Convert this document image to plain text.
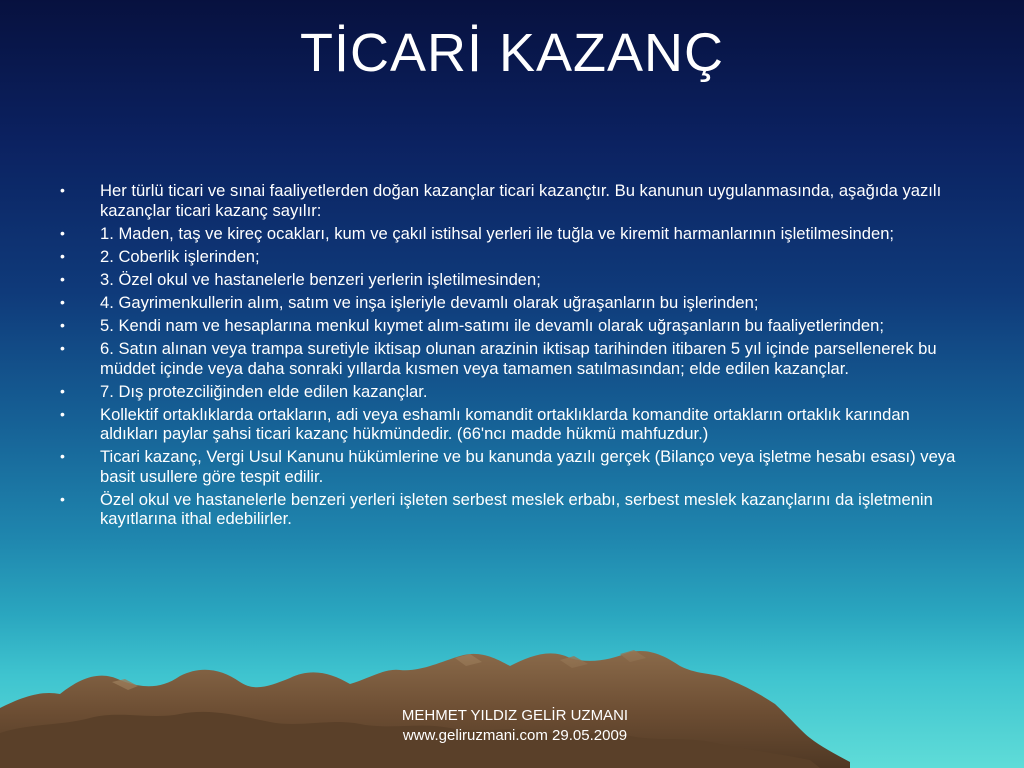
TİCARİ KAZANÇ
• Her türlü ticari ve sınai faaliyetlerden doğan kazançlar ticari kazançtır. Bu kanunun uygulanmasında, aşağıda yazılı kazançlar ticari kazanç sayılır:
• 1. Maden, taş ve kireç ocakları, kum ve çakıl istihsal yerleri ile tuğla ve kiremit harmanlarının işletilmesinden;
• 2. Coberlik işlerinden;
• 3. Özel okul ve hastanelerle benzeri yerlerin işletilmesinden;
• 4. Gayrimenkullerin alım, satım ve inşa işleriyle devamlı olarak uğraşanların bu işlerinden;
• 5. Kendi nam ve hesaplarına menkul kıymet alım-satımı ile devamlı olarak uğraşanların bu faaliyetlerinden;
• 6. Satın alınan veya trampa suretiyle iktisap olunan arazinin iktisap tarihinden itibaren 5 yıl içinde parsellenerek bu müddet içinde veya daha sonraki yıllarda kısmen veya tamamen satılmasından; elde edilen kazançlar.
• 7. Dış protezciliğinden elde edilen kazançlar.
• Kollektif ortaklıklarda ortakların, adi veya eshamlı komandit ortaklıklarda komandite ortakların ortaklık karından aldıkları paylar şahsi ticari kazanç hükmündedir. (66'ncı madde hükmü mahfuzdur.)
• Ticari kazanç, Vergi Usul Kanunu hükümlerine ve bu kanunda yazılı gerçek (Bilanço veya işletme hesabı esası) veya basit usullere göre tespit edilir.
• Özel okul ve hastanelerle benzeri yerleri işleten serbest meslek erbabı, serbest meslek kazançlarını da işletmenin kayıtlarına ithal edebilirler.
MEHMET YILDIZ GELİR UZMANI
www.geliruzmani.com 29.05.2009
